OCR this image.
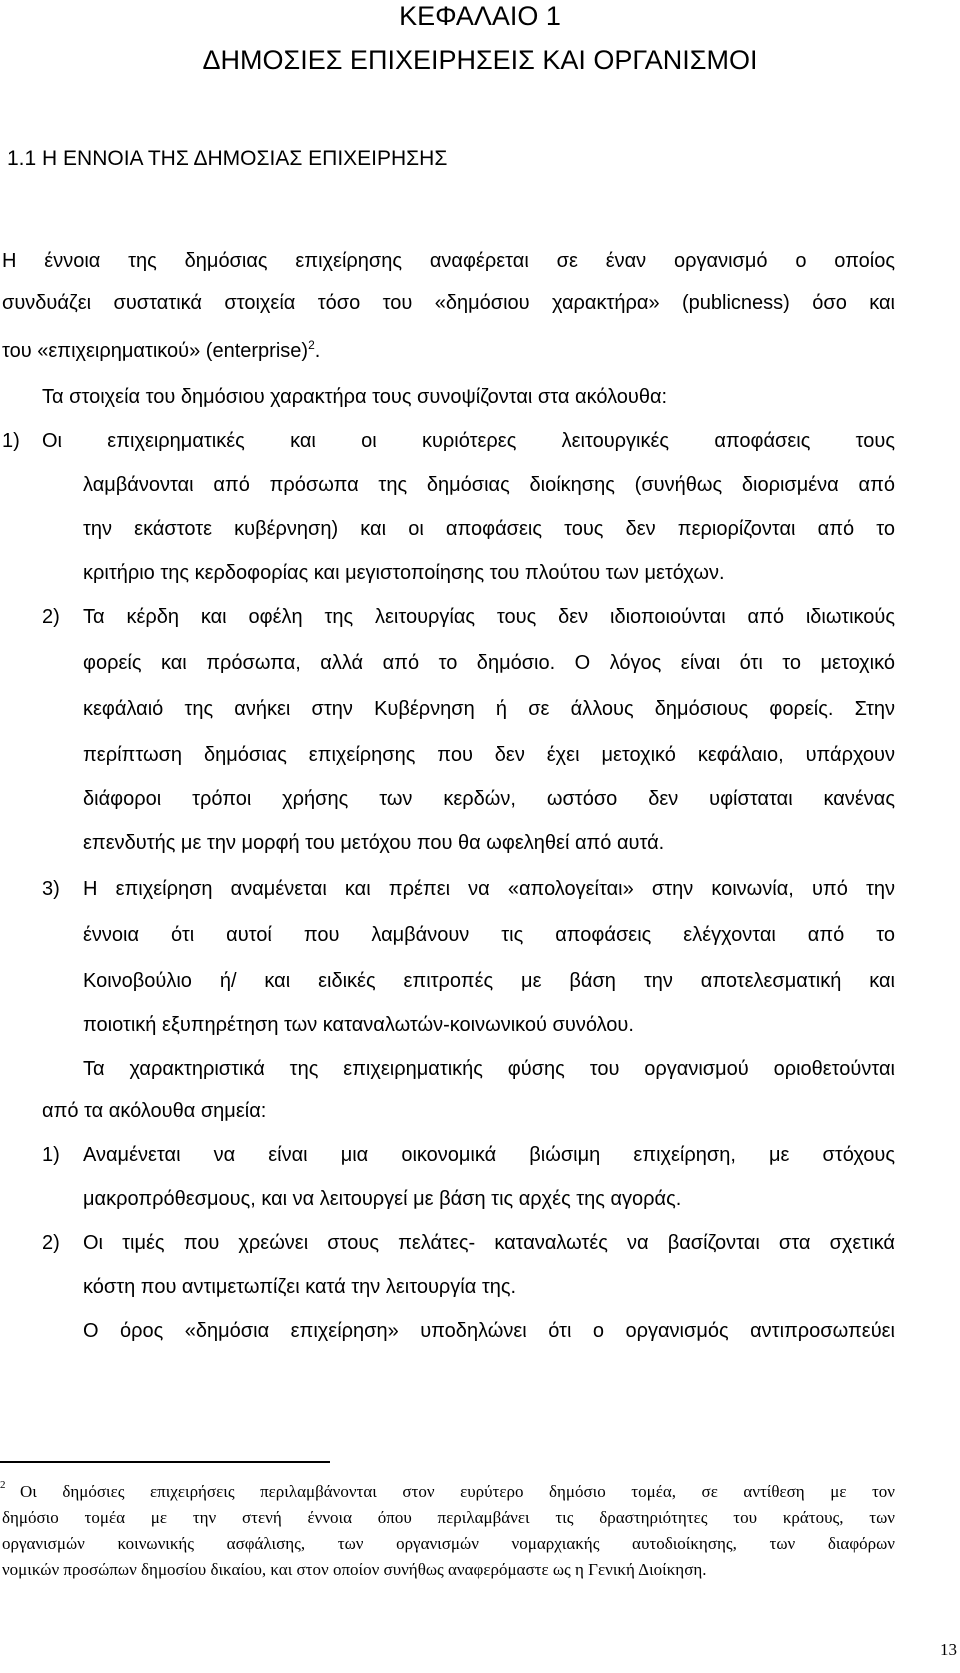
ΚΕΦΑΛΑΙΟ 1
ΔΗΜΟΣΙΕΣ ΕΠΙΧΕΙΡΗΣΕΙΣ ΚΑΙ ΟΡΓΑΝΙΣΜΟΙ
1.1 Η ΕΝΝΟΙΑ ΤΗΣ ΔΗΜΟΣΙΑΣ ΕΠΙΧΕΙΡΗΣΗΣ
Η έννοια της δημόσιας επιχείρησης αναφέρεται σε έναν οργανισμό ο οποίος
συνδυάζει συστατικά στοιχεία τόσο του «δημόσιου χαρακτήρα» (publicness) όσο και
του «επιχειρηματικού» (enterprise)$^2$.
Τα στοιχεία του δημόσιου χαρακτήρα τους συνοψίζονται στα ακόλουθα:
1) Οι επιχειρηματικές και οι κυριότερες λειτουργικές αποφάσεις τους
λαμβάνονται από πρόσωπα της δημόσιας διοίκησης (συνήθως διορισμένα από
την εκάστοτε κυβέρνηση) και οι αποφάσεις τους δεν περιορίζονται από το
κριτήριο της κερδοφορίας και μεγιστοποίησης του πλούτου των μετόχων.
2) Τα κέρδη και οφέλη της λειτουργίας τους δεν ιδιοποιούνται από ιδιωτικούς
φορείς και πρόσωπα, αλλά από το δημόσιο. Ο λόγος είναι ότι το μετοχικό
κεφάλαιό της ανήκει στην Κυβέρνηση ή σε άλλους δημόσιους φορείς. Στην
περίπτωση δημόσιας επιχείρησης που δεν έχει μετοχικό κεφάλαιο, υπάρχουν
διάφοροι τρόποι χρήσης των κερδών, ωστόσο δεν υφίσταται κανένας
επενδυτής με την μορφή του μετόχου που θα ωφεληθεί από αυτά.
3) Η επιχείρηση αναμένεται και πρέπει να «απολογείται» στην κοινωνία, υπό την
έννοια ότι αυτοί που λαμβάνουν τις αποφάσεις ελέγχονται από το
Κοινοβούλιο ή/ και ειδικές επιτροπές με βάση την αποτελεσματική και
ποιοτική εξυπηρέτηση των καταναλωτών-κοινωνικού συνόλου.
Τα χαρακτηριστικά της επιχειρηματικής φύσης του οργανισμού οριοθετούνται
από τα ακόλουθα σημεία:
1) Αναμένεται να είναι μια οικονομικά βιώσιμη επιχείρηση, με στόχους
μακροπρόθεσμους, και να λειτουργεί με βάση τις αρχές της αγοράς.
2) Οι τιμές που χρεώνει στους πελάτες- καταναλωτές να βασίζονται στα σχετικά
κόστη που αντιμετωπίζει κατά την λειτουργία της.
Ο όρος «δημόσια επιχείρηση» υποδηλώνει ότι ο οργανισμός αντιπροσωπεύει
$^2$ Οι δημόσιες επιχειρήσεις περιλαμβάνονται στον ευρύτερο δημόσιο τομέα, σε αντίθεση με τον
δημόσιο τομέα με την στενή έννοια όπου περιλαμβάνει τις δραστηριότητες του κράτους, των
οργανισμών κοινωνικής ασφάλισης, των οργανισμών νομαρχιακής αυτοδιοίκησης, των διαφόρων
νομικών προσώπων δημοσίου δικαίου, και στον οποίον συνήθως αναφερόμαστε ως η Γενική Διοίκηση.
13
